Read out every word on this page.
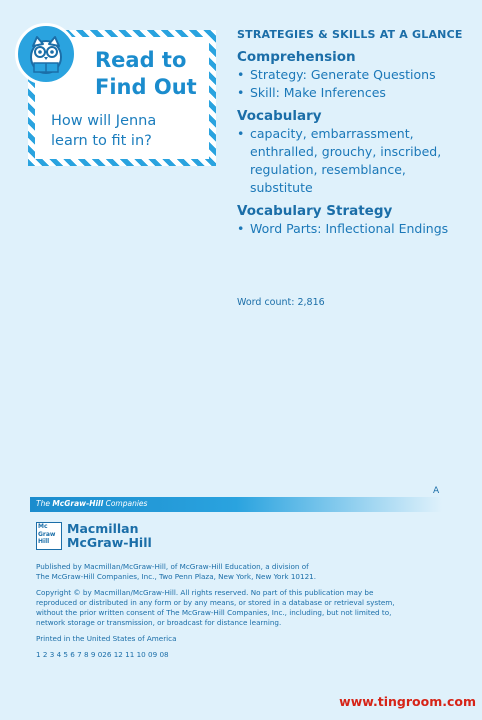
Read to
Find Out
How will Jenna
learn to fit in?
STRATEGIES & SKILLS AT A GLANCE
Comprehension
• Strategy: Generate Questions
• Skill: Make Inferences
Vocabulary
• capacity, embarrassment,
enthralled, grouchy, inscribed,
regulation, resemblance,
substitute
Vocabulary Strategy
• Word Parts: Inflectional Endings
Word count: 2,816
A
The McGraw-Hill Companies
Mc
Graw
Hill
Macmillan
McGraw-Hill
Published by Macmillan/McGraw-Hill, of McGraw-Hill Education, a division of
The McGraw-Hill Companies, Inc., Two Penn Plaza, New York, New York 10121.
Copyright © by Macmillan/McGraw-Hill. All rights reserved. No part of this publication may be
reproduced or distributed in any form or by any means, or stored in a database or retrieval system,
without the prior written consent of The McGraw-Hill Companies, Inc., including, but not limited to,
network storage or transmission, or broadcast for distance learning.
Printed in the United States of America
1 2 3 4 5 6 7 8 9 026 12 11 10 09 08
www.tingroom.com
